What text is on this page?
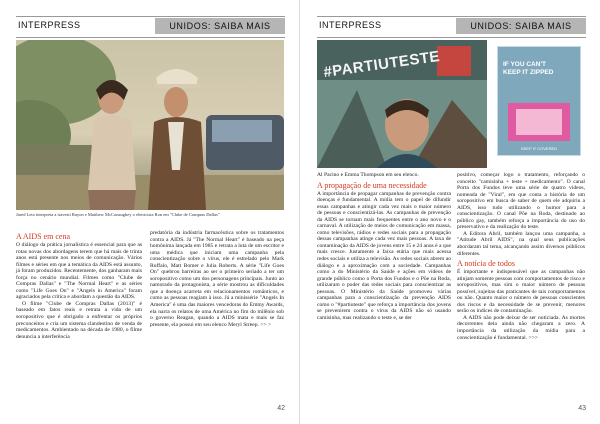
INTERPRESS	UNIDOS: SAIBA MAIS
Jared Leto interpreta a travesti Rayon e Matthew McConaughey o eletricista Ron em "Clube de Compras Dallas"
A AIDS em cena

O diálogo da prática jornalística é essencial para que as rotas novas dos abordagens terem que há mais de trinta anos está presente nos meios de comunicação. Vários filmes e séries em que a temática da AIDS está assunto, já foram produzidos. Recentemente, dos ganharam mais força no cenário mundial. Filmes como "Clube de Compras Dallas" e "The Normal Heart" e as séries como "Life Goes On" e "Angels in America" foram agraciados pela crítica e abordam a questão da AIDS.

O filme "Clube de Compras Dallas (2013)" é baseado em fatos reais e retrata a vida de um soropositivo que é obrigado a enfrentar os próprios preconceitos e cria um sistema clandestino de venda de medicamentos. Ambientado na década de 1980, o filme denuncia a interferência

predatória da indústria farmacêutica sobre os tratamentos contra a AIDS. Já "The Normal Heart" é baseado na peça homônima lançada em 1985 e retrata a luta de um escritor e uma médica que iniciam uma campanha pela conscientização sobre o vírus, ele é estrelado pelo Mark Ruffalo, Matt Bomer e Julia Roberts. A série "Life Goes On" quebrou barreiras ao ser o primeiro seriado a ter um soropositivo como um dos personagens principais. Junto ao namorado da protagonista, a série mostrou as dificuldades que a doença acarreta em relacionamentos românticos, e como as pessoas reagiam à isso. Já a minissérie "Angels In America" é uma das maiores vencedoras do Emmy Awards, ela narra os relatos de uma América no fim do milênio sob o governo Reagan, quando a AIDS mata e mais se faz presente, ela possui em seu elenco Meryl Streep. >> >

42
INTERPRESS	UNIDOS: SAIBA MAIS
#PARTIUTESTE	IF YOU CAN'T KEEP IT ZIPPED
KEEP IT COVERED

Al Pacino e Emma Thompson em seu elenco.

A propagação de uma necessidade

A importância de propagar campanhas de prevenção contra doenças é fundamental. A mídia tem o papel de difundir essas campanhas e atingir cada vez mais o maior número de pessoas e conscientizá-las. As campanhas de prevenção da AIDS se tornam mais frequentes entre o ano novo e o carnaval. A utilização de meios de comunicação em massa, como televisões, rádios e redes sociais para a propagação dessas campanhas atinge cada vez mais pessoas. A taxa de contaminação da AIDS de jovens entre 15 e 24 anos é a que mais cresce. Justamente a faixa etária que mais acessa redes sociais e utiliza a televisão. As redes sociais abrem ao diálogo e a aproximação com a sociedade. Campanhas como a do Ministério da Saúde e ações em vídeos de grande público como o Porta dos Fundos e o Põe na Roda, utilizaram o poder das redes sociais para conscientizar as pessoas. O Ministério da Saúde promoveu várias campanhas para a conscientização da prevenção AIDS como o "#partiuteste" que reforça a importância dos jovens se prevenirem contra o vírus da AIDS não só usando camisinha, mas realizando o teste e, se der

positivo, começar logo o tratamento, reforçando o conceito "camisinha + teste + medicamento". O canal Porta dos Fundos teve uma série de quatro vídeos, nomeada de "Viral", em que conta a história de um soropositivo em busca de saber de quem ele adquiriu a AIDS, isso tudo utilizando o humor para a conscientização. O canal Põe na Roda, destinado ao público gay, também reforça a importância do uso do preservativo e da realização do teste.

A Editora Abril, também lançou uma campanha, a "Atitude Abril AIDS", na qual seus publicações abordaram tal tema, alcançando assim diversos públicos diferentes.

A notícia de todos

É importante e indispensável que as campanhas não atinjam somente pessoas com comportamentos de risco e soropositivos, mas sim o maior número de pessoas possível, sujeitas das praticantes de tais comportamentos ou não. Quanto maior o número de pessoas conscientes dos riscos e da necessidade de se prevenir, menores serão os índices de contaminação.

A AIDS não pode deixar de ser noticiada. As mortes decorrentes dela ainda não chegaram a zero. A importância da utilização da mídia para a conscientização é fundamental. >>>

43
